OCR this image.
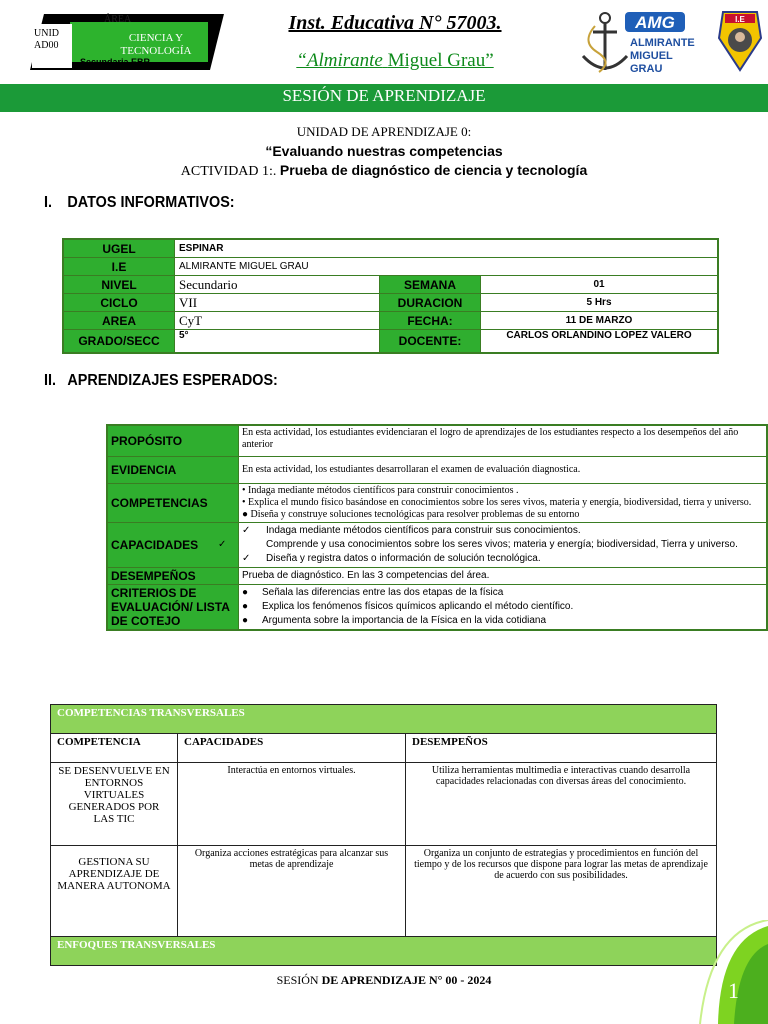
UNID AD00
ÁREA
CIENCIA Y TECNOLOGÍA
Secundaria EBR
Inst. Educativa N° 57003.
“Almirante Miguel Grau”
AMG
ALMIRANTE
MIGUEL
GRAU
I.E
SESIÓN DE APRENDIZAJE
UNIDAD DE APRENDIZAJE 0:
“Evaluando nuestras competencias
ACTIVIDAD 1:. Prueba de diagnóstico de ciencia y tecnología
I. DATOS INFORMATIVOS:
UGEL	ESPINAR		
I.E	ALMIRANTE MIGUEL GRAU		
NIVEL	Secundario	SEMANA	01
CICLO	VII	DURACION	5 Hrs
AREA	CyT	FECHA:	11 DE MARZO
GRADO/SECC	5°	DOCENTE:	CARLOS ORLANDINO LOPEZ VALERO
II. APRENDIZAJES ESPERADOS:
PROPÓSITO	En esta actividad, los estudiantes evidenciaran el logro de aprendizajes de los estudiantes respecto a los desempeños del año anterior
EVIDENCIA	En esta actividad, los estudiantes desarrollaran el examen de evaluación diagnostica.
COMPETENCIAS	• Indaga mediante métodos científicos para construir conocimientos .
• Explica el mundo físico basándose en conocimientos sobre los seres vivos, materia y energía, biodiversidad, tierra y universo.
● Diseña y construye soluciones tecnológicas para resolver problemas de su entorno

CAPACIDADES	✓ Indaga mediante métodos científicos para construir sus conocimientos.
✓ Comprende y usa conocimientos sobre los seres vivos; materia y energía; biodiversidad, Tierra y universo.
✓ Diseña y registra datos o información de solución tecnológica.

DESEMPEÑOS	Prueba de diagnóstico. En las 3 competencias del área.
CRITERIOS DE EVALUACIÓN/ LISTA DE COTEJO	● Señala las diferencias entre las dos etapas de la física
● Explica los fenómenos físicos químicos aplicando el método científico.
● Argumenta sobre la importancia de la Física en la vida cotidiana
COMPETENCIAS TRANSVERSALES		
COMPETENCIA	CAPACIDADES	DESEMPEÑOS
SE DESENVUELVE EN ENTORNOS VIRTUALES GENERADOS POR LAS TIC	Interactúa en entornos virtuales.	Utiliza herramientas multimedia e interactivas cuando desarrolla capacidades relacionadas con diversas áreas del conocimiento.
GESTIONA SU APRENDIZAJE DE MANERA AUTONOMA	Organiza acciones estratégicas para alcanzar sus metas de aprendizaje	Organiza un conjunto de estrategias y procedimientos en función del tiempo y de los recursos que dispone para lograr las metas de aprendizaje de acuerdo con sus posibilidades.
ENFOQUES TRANSVERSALES		
SESIÓN DE APRENDIZAJE N° 00 - 2024	1
